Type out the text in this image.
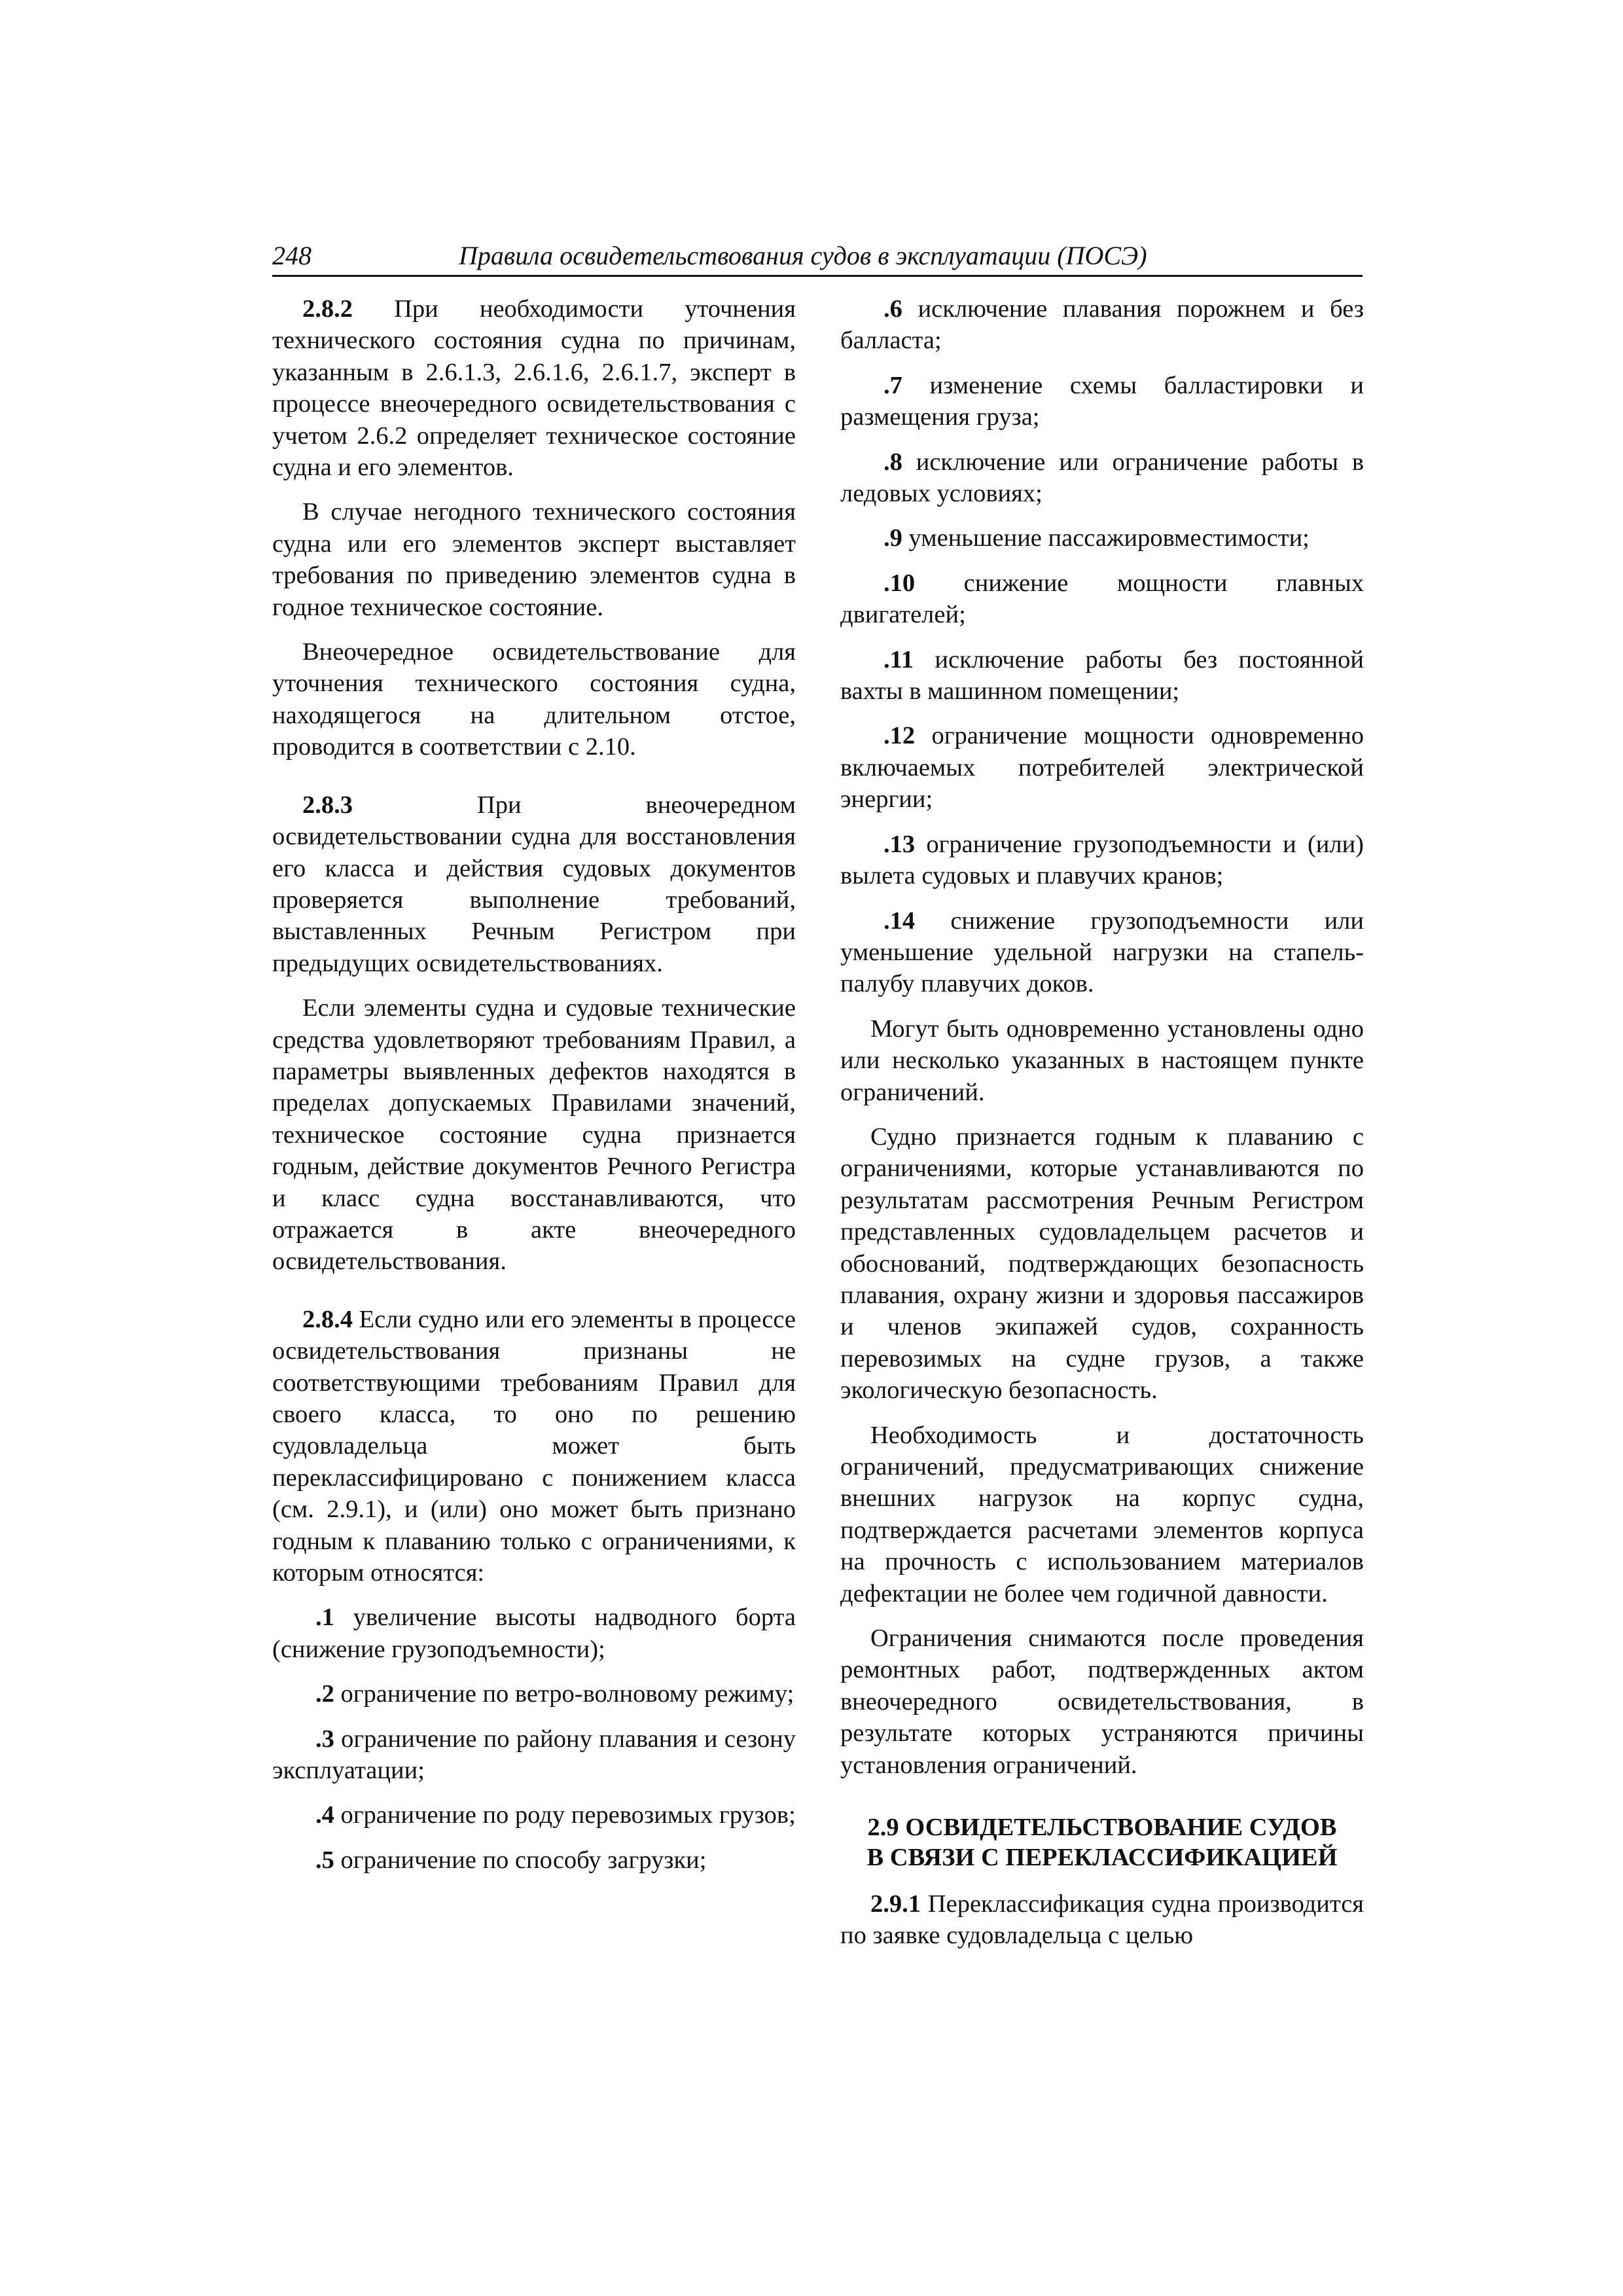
248	Правила освидетельствования судов в эксплуатации (ПОСЭ)

2.8.2 При необходимости уточнения технического состояния судна по причинам, указанным в 2.6.1.3, 2.6.1.6, 2.6.1.7, эксперт в процессе внеочередного освидетельствования с учетом 2.6.2 определяет техническое состояние судна и его элементов.

В случае негодного технического состояния судна или его элементов эксперт выставляет требования по приведению элементов судна в годное техническое состояние.

Внеочередное освидетельствование для уточнения технического состояния судна, находящегося на длительном отстое, проводится в соответствии с 2.10.

2.8.3	При внеочередном освидетельствовании судна для восстановления его класса и действия судовых документов проверяется выполнение требований, выставленных Речным Регистром при предыдущих освидетельствованиях.

Если элементы судна и судовые технические средства удовлетворяют требованиям Правил, а параметры выявленных дефектов находятся в пределах допускаемых Правилами значений, техническое состояние судна признается годным, действие документов Речного Регистра и класс судна восстанавливаются, что отражается в акте внеочередного освидетельствования.

2.8.4 Если судно или его элементы в процессе освидетельствования признаны не соответствующими требованиям Правил для своего класса, то оно по решению судовладельца может быть переклассифицировано с понижением класса (см. 2.9.1), и (или) оно может быть признано годным к плаванию только с ограничениями, к которым относятся:

.1 увеличение высоты надводного борта (снижение грузоподъемности);

.2 ограничение по ветро-волновому режиму;

.3 ограничение по району плавания и сезону эксплуатации;

.4 ограничение по роду перевозимых грузов;

.5 ограничение по способу загрузки;

.6 исключение плавания порожнем и без балласта;

.7 изменение схемы балластировки и размещения груза;

.8 исключение или ограничение работы в ледовых условиях;

.9 уменьшение пассажировместимости;

.10 снижение мощности главных двигателей;

.11 исключение работы без постоянной вахты в машинном помещении;

.12 ограничение мощности одновременно включаемых потребителей электрической энергии;

.13 ограничение грузоподъемности и (или) вылета судовых и плавучих кранов;

.14 снижение грузоподъемности или уменьшение удельной нагрузки на стапель-палубу плавучих доков.

Могут быть одновременно установлены одно или несколько указанных в настоящем пункте ограничений.

Судно признается годным к плаванию с ограничениями, которые устанавливаются по результатам рассмотрения Речным Регистром представленных судовладельцем расчетов и обоснований, подтверждающих безопасность плавания, охрану жизни и здоровья пассажиров и членов экипажей судов, сохранность перевозимых на судне грузов, а также экологическую безопасность.

Необходимость и достаточность ограничений, предусматривающих снижение внешних нагрузок на корпус судна, подтверждается расчетами элементов корпуса на прочность с использованием материалов дефектации не более чем годичной давности.

Ограничения снимаются после проведения ремонтных работ, подтвержденных актом внеочередного освидетельствования, в результате которых устраняются причины установления ограничений.

2.9 ОСВИДЕТЕЛЬСТВОВАНИЕ СУДОВ
В СВЯЗИ С ПЕРЕКЛАССИФИКАЦИЕЙ

2.9.1 Переклассификация судна производится по заявке судовладельца с целью
